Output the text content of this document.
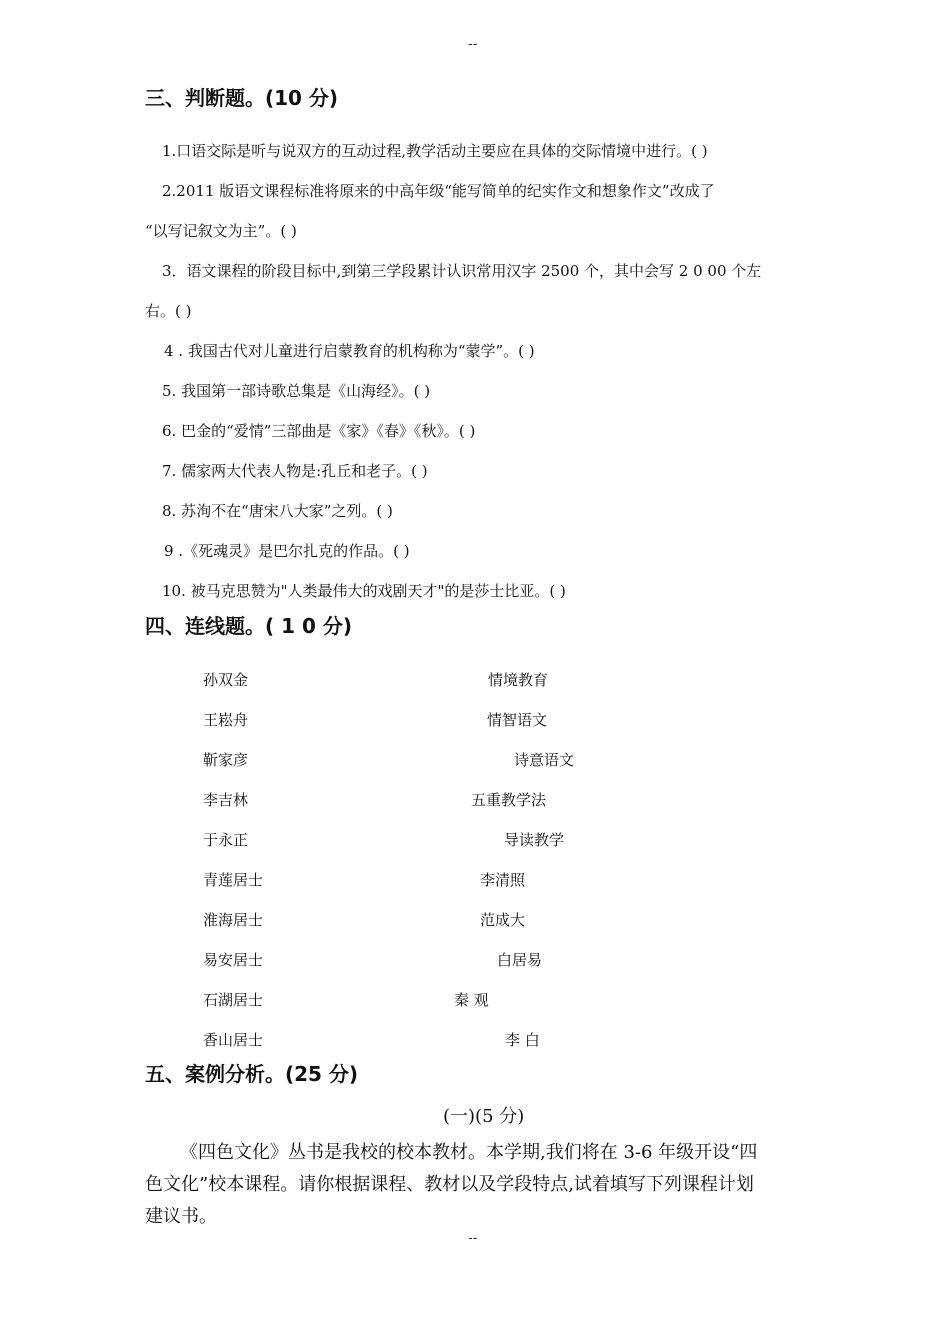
--
--
三、判断题。(10 分)
1.口语交际是听与说双方的互动过程,教学活动主要应在具体的交际情境中进行。( )
2.2011 版语文课程标准将原来的中高年级“能写简单的纪实作文和想象作文”改成了
“以写记叙文为主”。( )
3．语文课程的阶段目标中,到第三学段累计认识常用汉字 2500 个，其中会写 2 0 00 个左
右。( )
4 . 我国古代对儿童进行启蒙教育的机构称为“蒙学”。( )
5. 我国第一部诗歌总集是《山海经》。( )
6. 巴金的“爱情”三部曲是《家》《春》《秋》。( )
7. 儒家两大代表人物是:孔丘和老子。( )
8. 苏洵不在“唐宋八大家”之列。( )
9 .《死魂灵》是巴尔扎克的作品。( )
10. 被马克思赞为"人类最伟大的戏剧天才"的是莎士比亚。( )
四、连线题。( 1 0 分)
孙双金	情境教育
王崧舟	情智语文
靳家彦	诗意语文
李吉林	五重教学法
于永正	导读教学
青莲居士	李清照
淮海居士	范成大
易安居士	白居易
石湖居士	秦 观
香山居士	李 白
五、案例分析。(25 分)
(一)(5 分)
《四色文化》丛书是我校的校本教材。本学期,我们将在 3-6 年级开设“四
色文化”校本课程。请你根据课程、教材以及学段特点,试着填写下列课程计划
建议书。
